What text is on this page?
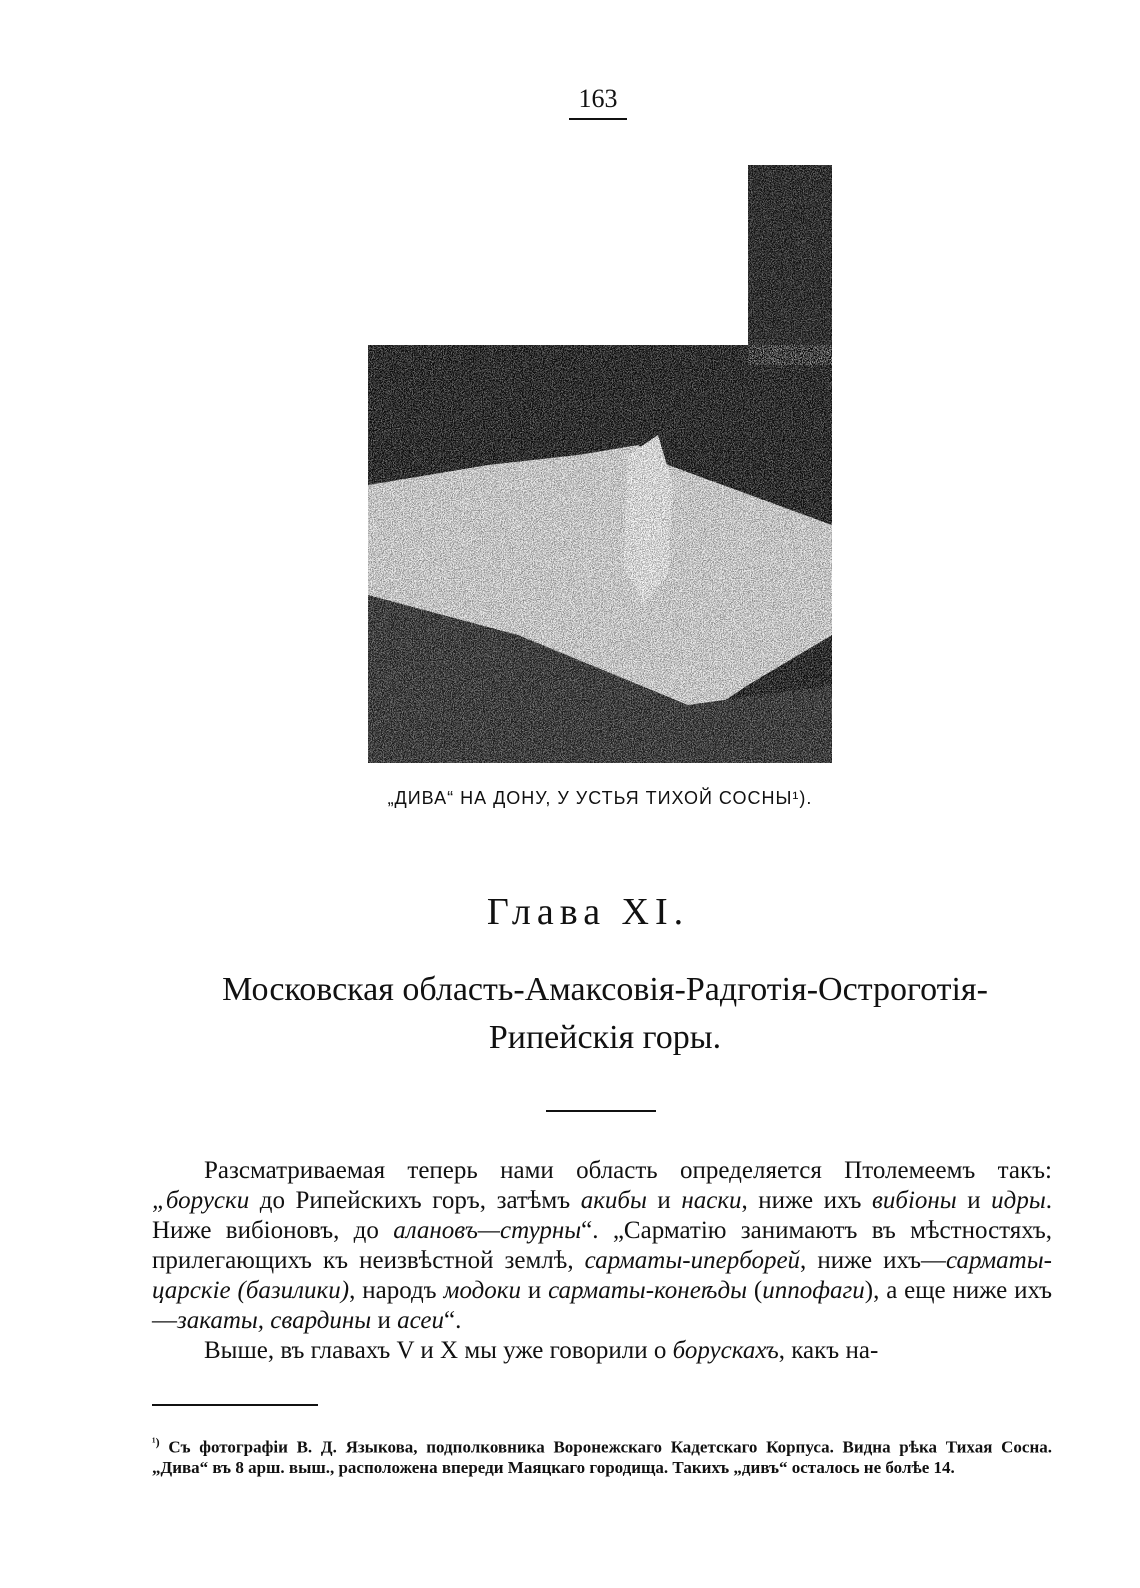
163
„ДИВА“ НА ДОНУ, У УСТЬЯ ТИХОЙ СОСНЫ¹).
Глава XI.
Московская область-Амаксовія-Радготія-Остроготія-Рипейскія горы.

Разсматриваемая теперь нами область определяется Птолемеемъ такъ: „боруски до Рипейскихъ горъ, затѣмъ акибы и наски, ниже ихъ вибіоны и идры. Ниже вибіоновъ, до алановъ—стурны“. „Сарматію занимаютъ въ мѣстностяхъ, прилегающихъ къ неизвѣстной землѣ, сарматы-иперборей, ниже ихъ—сарматы-царскіе (базилики), народъ модоки и сарматы-конеѣды (иппофаги), а еще ниже ихъ—закаты, свардины и асеи“.

Выше, въ главахъ V и X мы уже говорили о борускахъ, какъ на-

$^{^1)}$ Съ фотографіи В. Д. Языкова, подполковника Воронежскаго Кадетскаго Корпуса. Видна рѣка Тихая Сосна. „Дива“ въ 8 арш. выш., расположена впереди Маяцкаго городища. Такихъ „дивъ“ осталось не болѣе 14.
